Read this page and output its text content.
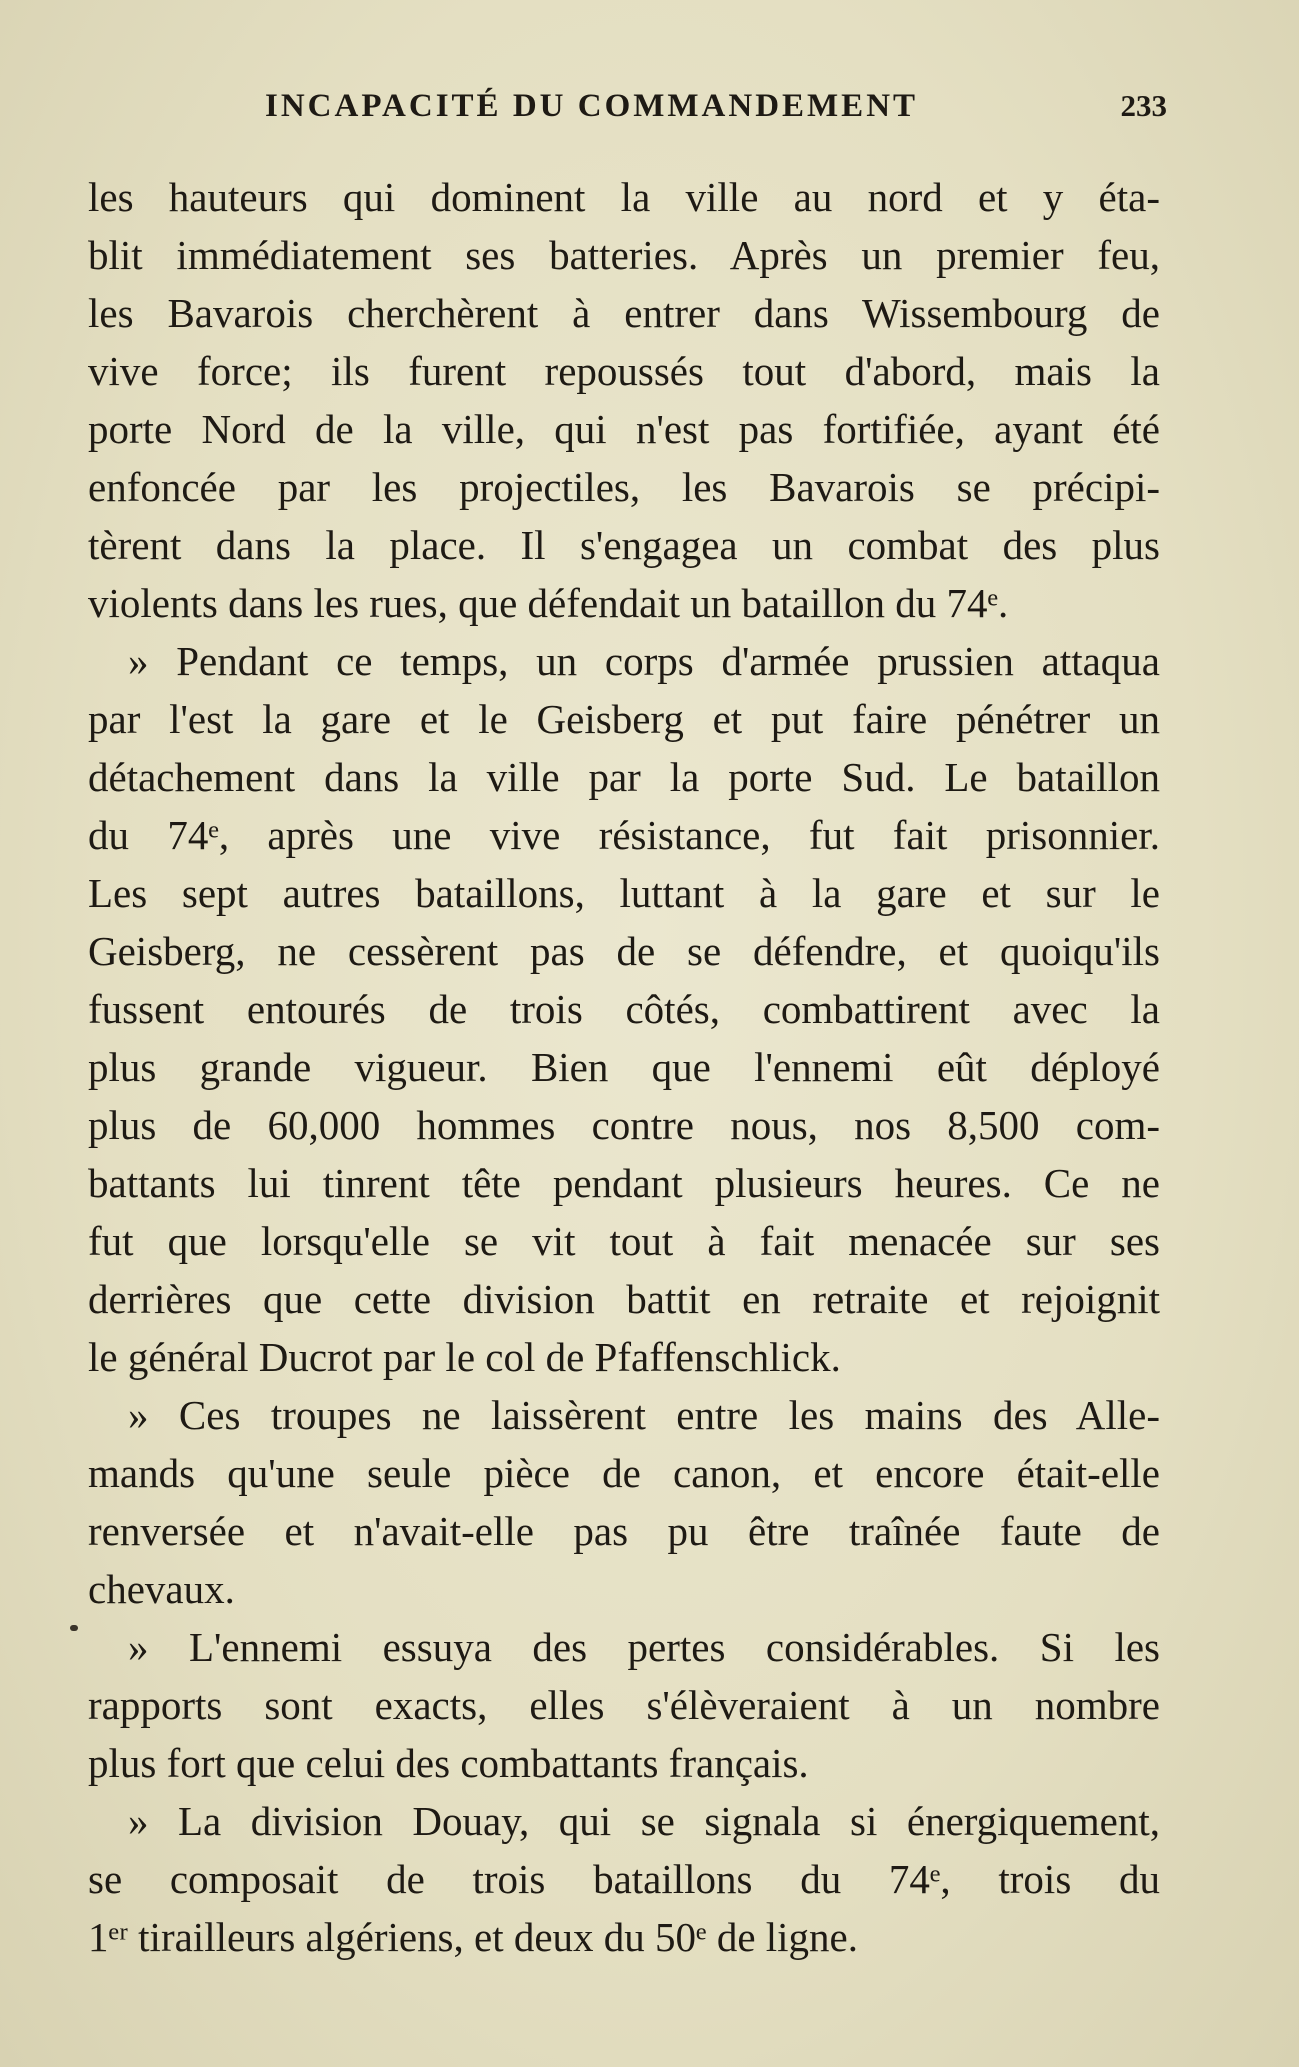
INCAPACITÉ DU COMMANDEMENT	233
les hauteurs qui dominent la ville au nord et y éta-
blit immédiatement ses batteries. Après un premier feu,
les Bavarois cherchèrent à entrer dans Wissembourg de
vive force; ils furent repoussés tout d'abord, mais la
porte Nord de la ville, qui n'est pas fortifiée, ayant été
enfoncée par les projectiles, les Bavarois se précipi-
tèrent dans la place. Il s'engagea un combat des plus
violents dans les rues, que défendait un bataillon du 74ᵉ.
» Pendant ce temps, un corps d'armée prussien attaqua
par l'est la gare et le Geisberg et put faire pénétrer un
détachement dans la ville par la porte Sud. Le bataillon
du 74ᵉ, après une vive résistance, fut fait prisonnier.
Les sept autres bataillons, luttant à la gare et sur le
Geisberg, ne cessèrent pas de se défendre, et quoiqu'ils
fussent entourés de trois côtés, combattirent avec la
plus grande vigueur. Bien que l'ennemi eût déployé
plus de 60,000 hommes contre nous, nos 8,500 com-
battants lui tinrent tête pendant plusieurs heures. Ce ne
fut que lorsqu'elle se vit tout à fait menacée sur ses
derrières que cette division battit en retraite et rejoignit
le général Ducrot par le col de Pfaffenschlick.
» Ces troupes ne laissèrent entre les mains des Alle-
mands qu'une seule pièce de canon, et encore était-elle
renversée et n'avait-elle pas pu être traînée faute de
chevaux.
» L'ennemi essuya des pertes considérables. Si les
rapports sont exacts, elles s'élèveraient à un nombre
plus fort que celui des combattants français.
» La division Douay, qui se signala si énergiquement,
se composait de trois bataillons du 74ᵉ, trois du
1ᵉʳ tirailleurs algériens, et deux du 50ᵉ de ligne.
